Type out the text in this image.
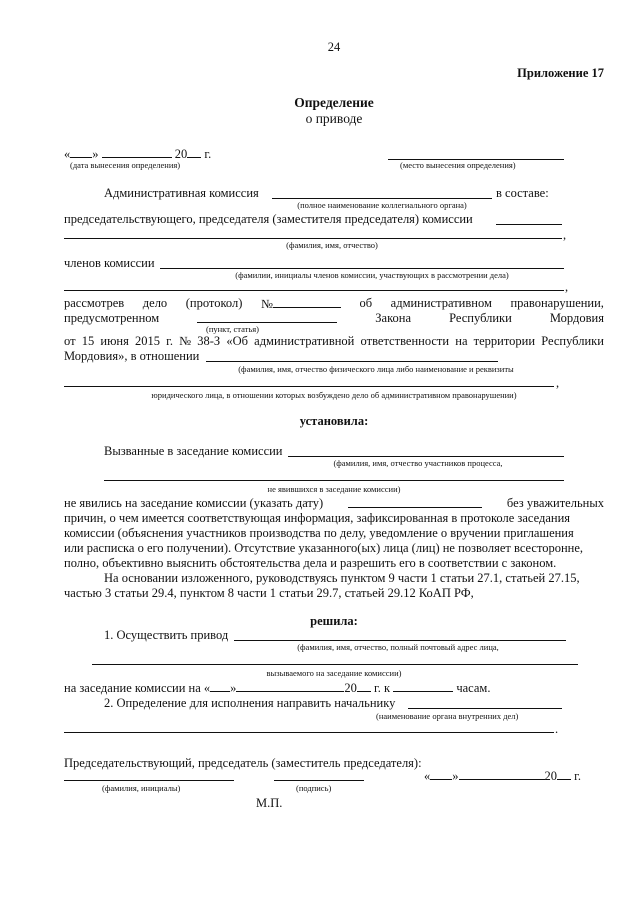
24
Приложение 17
Определение
о приводе
« »	20 г.
(дата вынесения определения)	(место вынесения определения)
Административная комиссия	в составе:
(полное наименование коллегиального органа)
председательствующего, председателя (заместителя председателя) комиссии
,
(фамилия, имя, отчество)
членов комиссии
(фамилии, инициалы членов комиссии, участвующих в рассмотрении дела)
,
рассмотрев дело (протокол) №	об административном правонарушении,
предусмотренном	Закона	Республики	Мордовия
(пункт, статья)
от 15 июня 2015 г. № 38-З «Об административной ответственности на территории Республики
Мордовия», в отношении
(фамилия, имя, отчество физического лица либо наименование и реквизиты
,
юридического лица, в отношении которых возбуждено дело об административном правонарушении)
установила:
Вызванные в заседание комиссии
(фамилия, имя, отчество участников процесса,
не явившихся в заседание комиссии)
не явились на заседание комиссии (указать дату)	без уважительных
причин, о чем имеется соответствующая информация, зафиксированная в протоколе заседания
комиссии (объяснения участников производства по делу, уведомление о вручении приглашения
или расписка о его получении). Отсутствие указанного(ых) лица (лиц) не позволяет всесторонне,
полно, объективно выяснить обстоятельства дела и разрешить его в соответствии с законом.
На основании изложенного, руководствуясь пунктом 9 части 1 статьи 27.1, статьей 27.15,
частью 3 статьи 29.4, пунктом 8 части 1 статьи 29.7, статьей 29.12 КоАП РФ,
решила:
1. Осуществить привод
(фамилия, имя, отчество, полный почтовый адрес лица,
вызываемого на заседание комиссии)
на заседание комиссии на « »	20 г. к	часам.
2. Определение для исполнения направить начальнику
(наименование органа внутренних дел)
.
Председательствующий, председатель (заместитель председателя):
« »	20 г.
(фамилия, инициалы)	(подпись)
М.П.
